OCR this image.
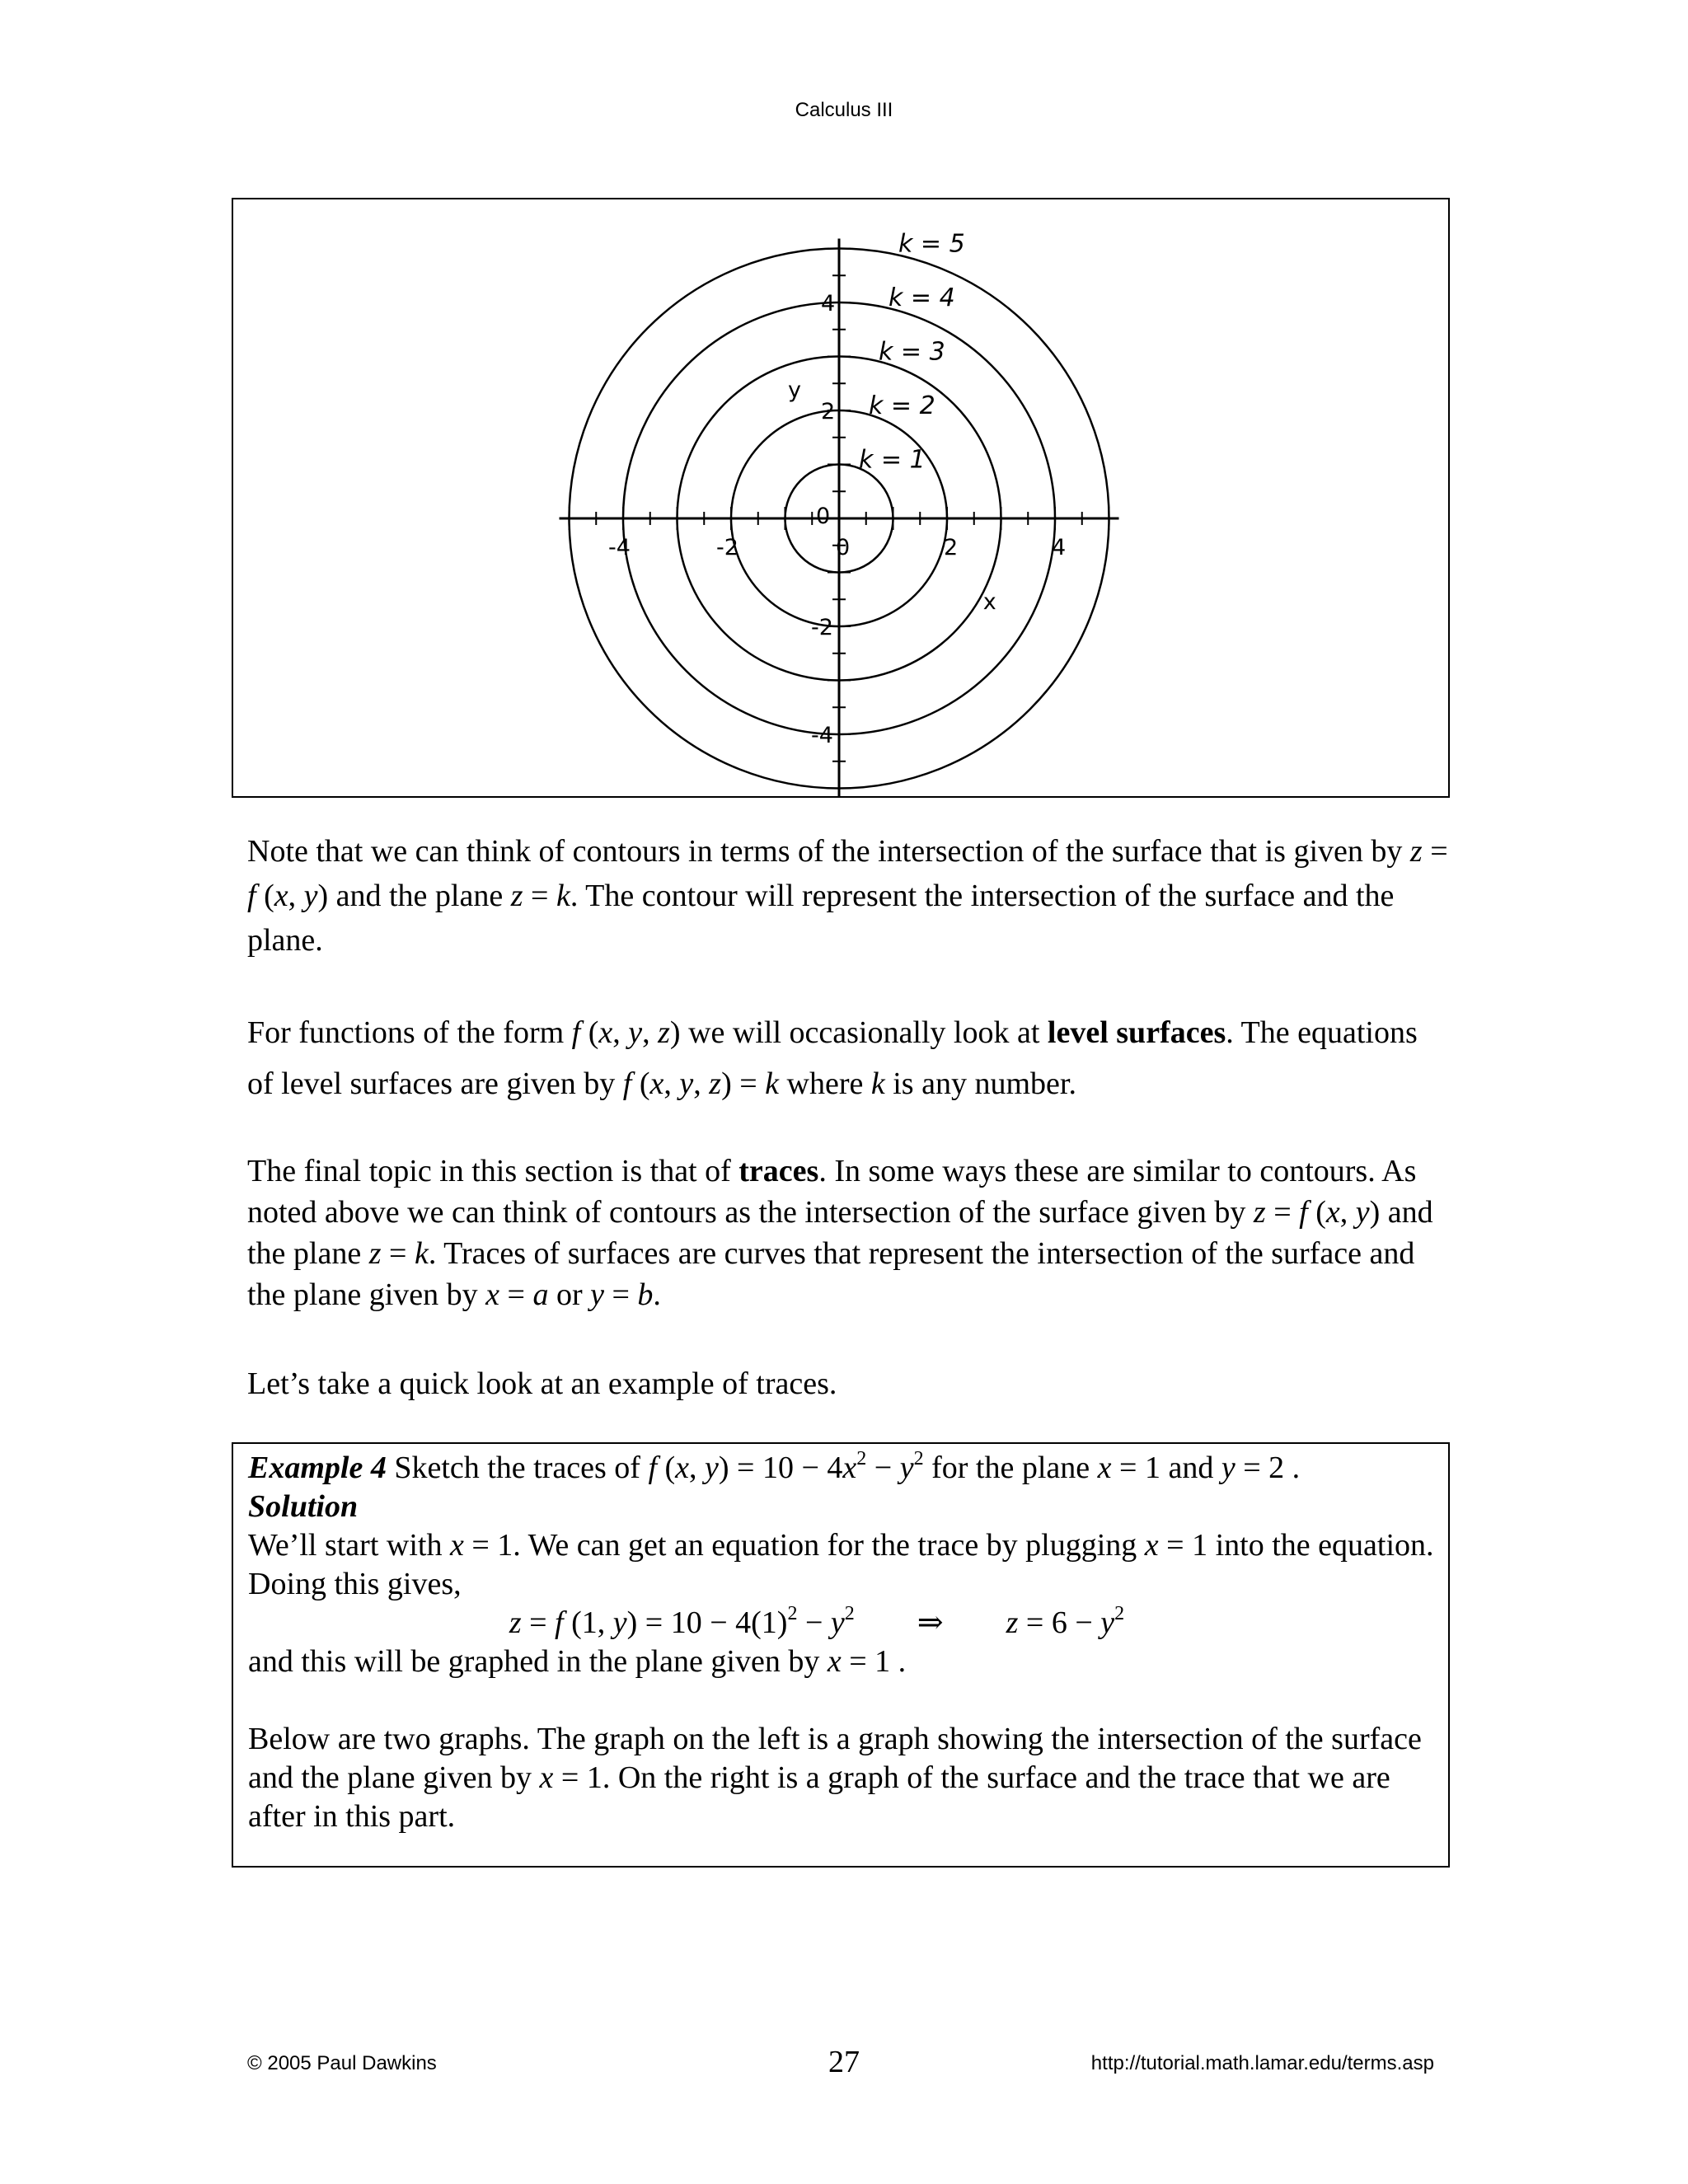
Calculus III
k = 1
k = 2
k = 3
k = 4
k = 5
-4	-2	2	4
4
2
-2
-4
0
0
x
y

Note that we can think of contours in terms of the intersection of the surface that is given by z = f (x, y) and the plane z = k. The contour will represent the intersection of the surface and the plane.

For functions of the form f (x, y, z) we will occasionally look at level surfaces. The equations of level surfaces are given by f (x, y, z) = k where k is any number.

The final topic in this section is that of traces. In some ways these are similar to contours. As noted above we can think of contours as the intersection of the surface given by z = f (x, y) and the plane z = k. Traces of surfaces are curves that represent the intersection of the surface and the plane given by x = a or y = b.

Let’s take a quick look at an example of traces.

Example 4 Sketch the traces of f (x, $y) = 10 - 4x^2 - y^2$ for the plane x = 1 and y = 2 .

Solution

We’ll start with x = 1. We can get an equation for the trace by plugging x = 1 into the equation. Doing this gives,

z = f (1, $y) = 10 - 4(1)^2 - y^2$ ⇒ $z = 6 - y^2$

and this will be graphed in the plane given by x = 1 .

Below are two graphs. The graph on the left is a graph showing the intersection of the surface and the plane given by x = 1. On the right is a graph of the surface and the trace that we are after in this part.

© 2005 Paul Dawkins	27	http://tutorial.math.lamar.edu/terms.asp
